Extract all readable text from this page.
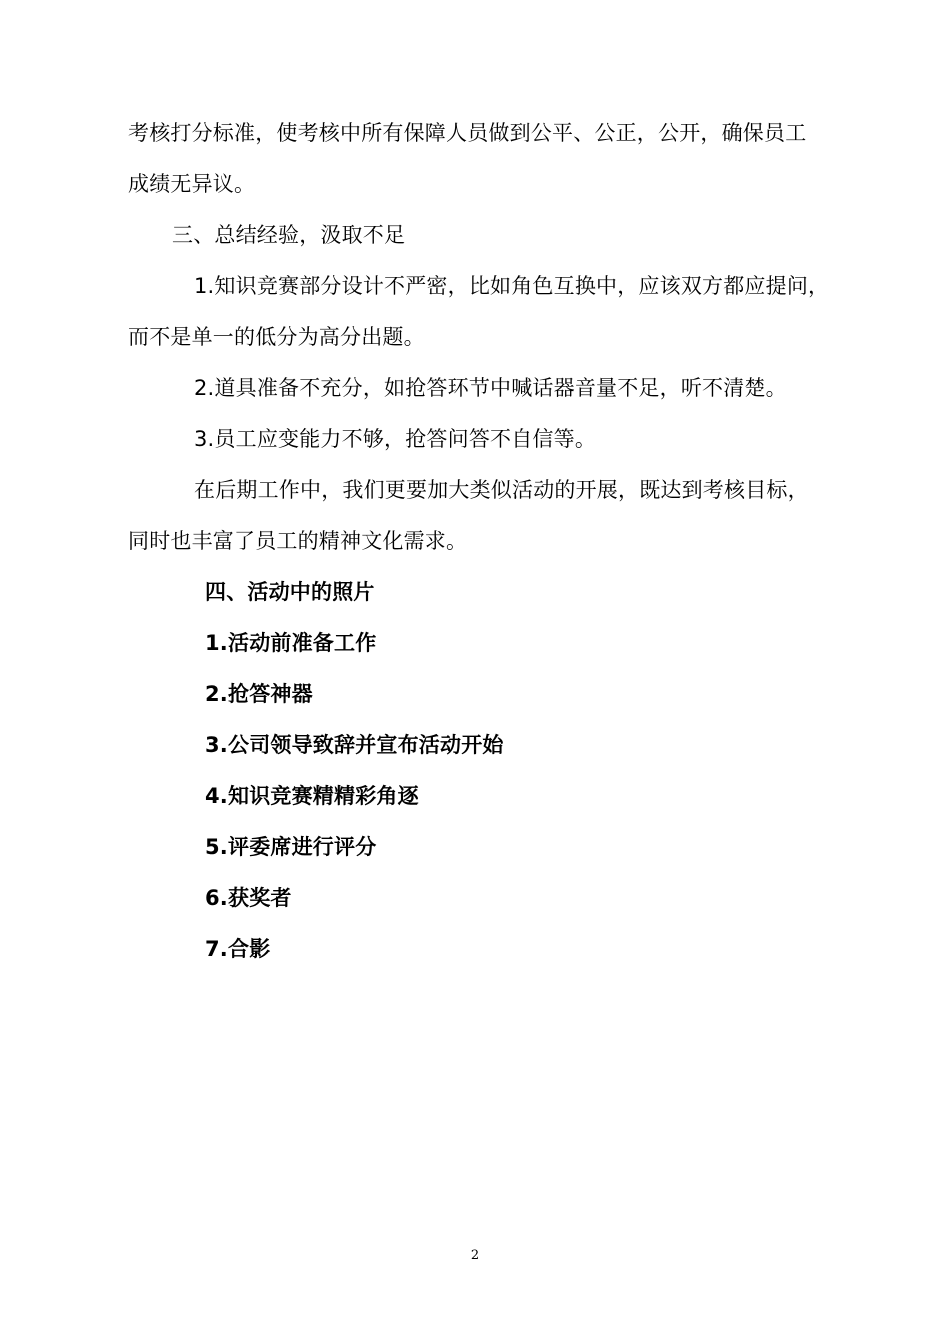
考核打分标准，使考核中所有保障人员做到公平、公正，公开，确保员工
成绩无异议。
三、总结经验，汲取不足
1.知识竞赛部分设计不严密，比如角色互换中，应该双方都应提问，
而不是单一的低分为高分出题。
2.道具准备不充分，如抢答环节中喊话器音量不足，听不清楚。
3.员工应变能力不够，抢答问答不自信等。
在后期工作中，我们更要加大类似活动的开展，既达到考核目标，
同时也丰富了员工的精神文化需求。
四、活动中的照片
1.活动前准备工作
2.抢答神器
3.公司领导致辞并宣布活动开始
4.知识竞赛精精彩角逐
5.评委席进行评分
6.获奖者
7.合影
2
